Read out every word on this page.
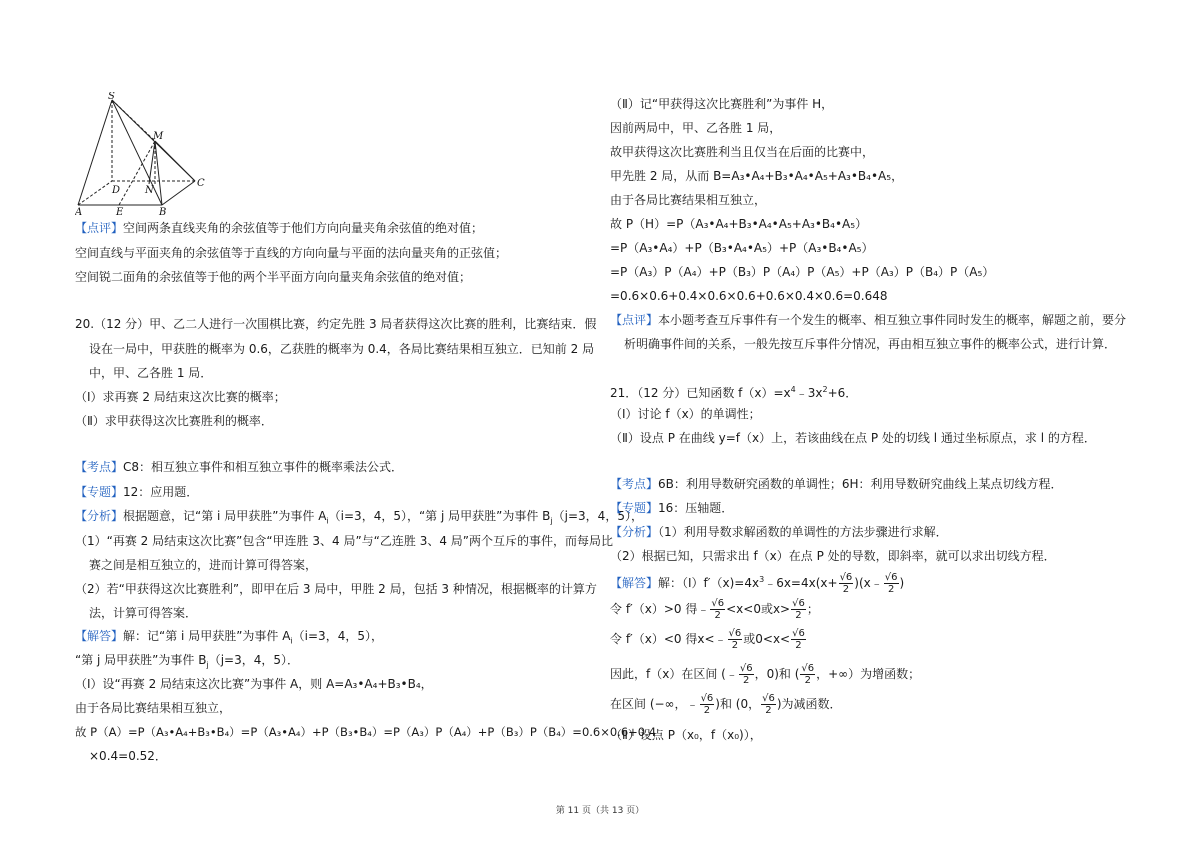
S
M
C
D N
A	E	B
【点评】空间两条直线夹角的余弦值等于他们方向向量夹角余弦值的绝对值；
空间直线与平面夹角的余弦值等于直线的方向向量与平面的法向量夹角的正弦值；
空间锐二面角的余弦值等于他的两个半平面方向向量夹角余弦值的绝对值；
20.（12 分）甲、乙二人进行一次围棋比赛，约定先胜 3 局者获得这次比赛的胜利，比赛结束．假
设在一局中，甲获胜的概率为 0.6，乙获胜的概率为 0.4，各局比赛结果相互独立．已知前 2 局
中，甲、乙各胜 1 局．
（Ⅰ）求再赛 2 局结束这次比赛的概率；
（Ⅱ）求甲获得这次比赛胜利的概率．
【考点】C8：相互独立事件和相互独立事件的概率乘法公式．
【专题】12：应用题．
【分析】根据题意，记“第 i 局甲获胜”为事件 $A_i(i=3$，4，5），“第 j 局甲获胜”为事件 $B_j(j=3$，4，5），
（1）“再赛 2 局结束这次比赛”包含“甲连胜 3、4 局”与“乙连胜 3、4 局”两个互斥的事件，而每局比
赛之间是相互独立的，进而计算可得答案，
（2）若“甲获得这次比赛胜利”，即甲在后 3 局中，甲胜 2 局，包括 3 种情况，根据概率的计算方
法，计算可得答案．
【解答】解：记“第 i 局甲获胜”为事件 $A_i(i=3$，4，5），
“第 j 局甲获胜”为事件 $B_j(j=3$，4，5）．
（Ⅰ）设“再赛 2 局结束这次比赛”为事件 A，则 A=A₃•A₄+B₃•B₄，
由于各局比赛结果相互独立，
故 P（A）=P（A₃•A₄+B₃•B₄）=P（A₃•A₄）+P（B₃•B₄）=P（A₃）P（A₄）+P（B₃）P（B₄）=0.6×0.6+0.4
×0.4=0.52．
（Ⅱ）记“甲获得这次比赛胜利”为事件 H，
因前两局中，甲、乙各胜 1 局，
故甲获得这次比赛胜利当且仅当在后面的比赛中，
甲先胜 2 局，从而 B=A₃•A₄+B₃•A₄•A₅+A₃•B₄•A₅，
由于各局比赛结果相互独立，
故 P（H）=P（A₃•A₄+B₃•A₄•A₅+A₃•B₄•A₅）
=P（A₃•A₄）+P（B₃•A₄•A₅）+P（A₃•B₄•A₅）
=P（A₃）P（A₄）+P（B₃）P（A₄）P（A₅）+P（A₃）P（B₄）P（A₅）
=0.6×0.6+0.4×0.6×0.6+0.6×0.4×0.6=0.648
【点评】本小题考查互斥事件有一个发生的概率、相互独立事件同时发生的概率，解题之前，要分
析明确事件间的关系，一般先按互斥事件分情况，再由相互独立事件的概率公式，进行计算．
21．（12 分）已知函数 $f(x)=x^4﹣3x^2+6$．
（Ⅰ）讨论 f（x）的单调性；
（Ⅱ）设点 P 在曲线 y=f（x）上，若该曲线在点 P 处的切线 l 通过坐标原点，求 l 的方程．
【考点】6B：利用导数研究函数的单调性；6H：利用导数研究曲线上某点切线方程．
【专题】16：压轴题．
【分析】（1）利用导数求解函数的单调性的方法步骤进行求解．
（2）根据已知，只需求出 f（x）在点 P 处的导数，即斜率，就可以求出切线方程．
【解答】解：$(Ⅰ)f'(x)=4x^3﹣6x=4x(x+ \frac{√6}{2}$ )(x﹣ $\frac{√6}{2}$ )
令 f′（x）>0 得﹣ $\frac{√6}{2} <x<0$或$x> \frac{√6}{2}$ ；
令 f′（x）<0 得x<﹣ $\frac{√6}{2}$ 或$0<x< \frac{√6}{2}$
因此，f（x）在区间 (﹣ $\frac{√6}{2}$ ，0)和 ( $\frac{√6}{2}$ ，+∞）为增函数；
在区间 (−∞，﹣ $\frac{√6}{2}$ )和 (0， $\frac{√6}{2}$ )为减函数．
（Ⅱ）设点 P（x₀，f（x₀)），
第 11 页（共 13 页）
